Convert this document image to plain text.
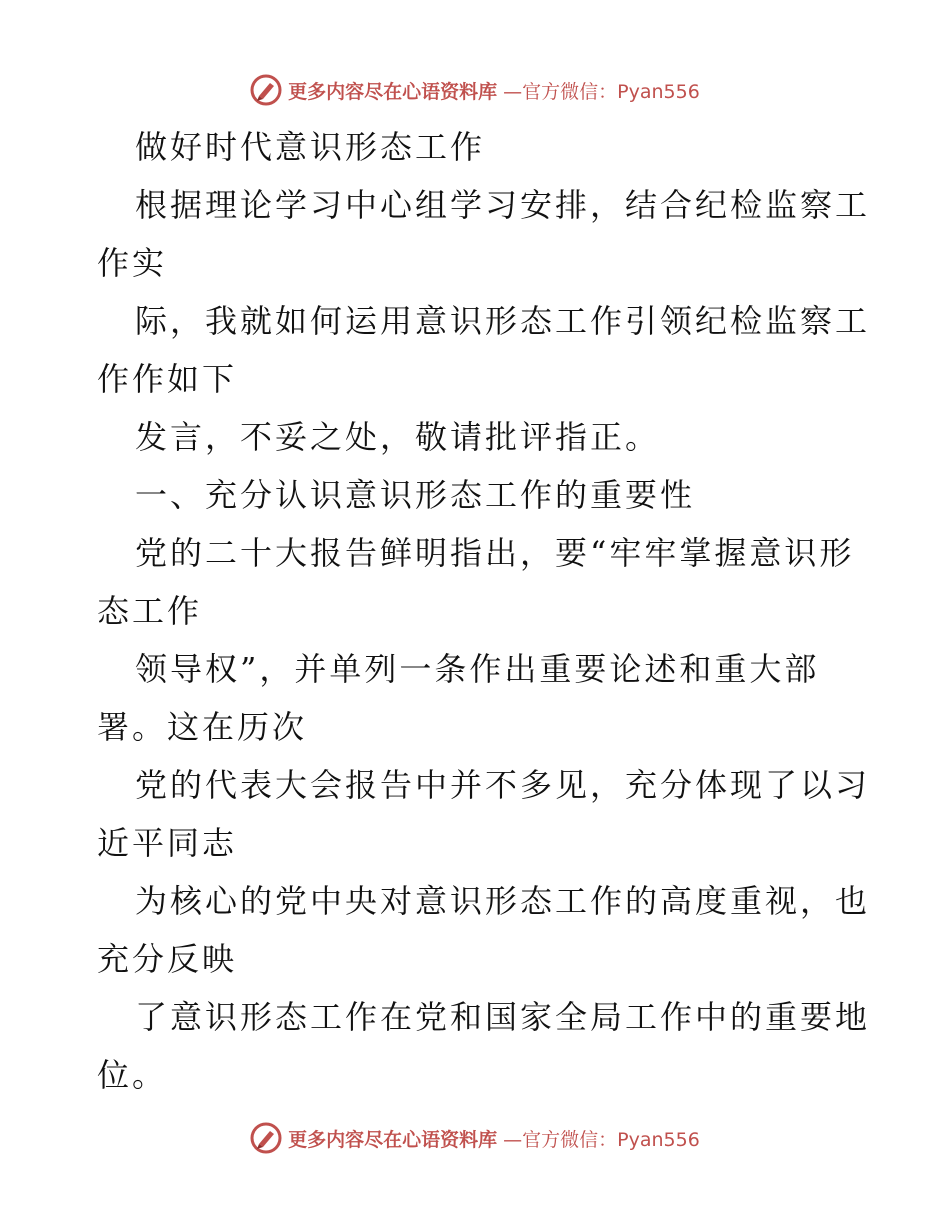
更多内容尽在心语资料库 —官方微信：Pyan556
做好时代意识形态工作
根据理论学习中心组学习安排，结合纪检监察工
作实
际，我就如何运用意识形态工作引领纪检监察工
作作如下
发言，不妥之处，敬请批评指正。
一、充分认识意识形态工作的重要性
党的二十大报告鲜明指出，要“牢牢掌握意识形
态工作
领导权”，并单列一条作出重要论述和重大部
署。这在历次
党的代表大会报告中并不多见，充分体现了以习
近平同志
为核心的党中央对意识形态工作的高度重视，也
充分反映
了意识形态工作在党和国家全局工作中的重要地
位。
更多内容尽在心语资料库 —官方微信：Pyan556
